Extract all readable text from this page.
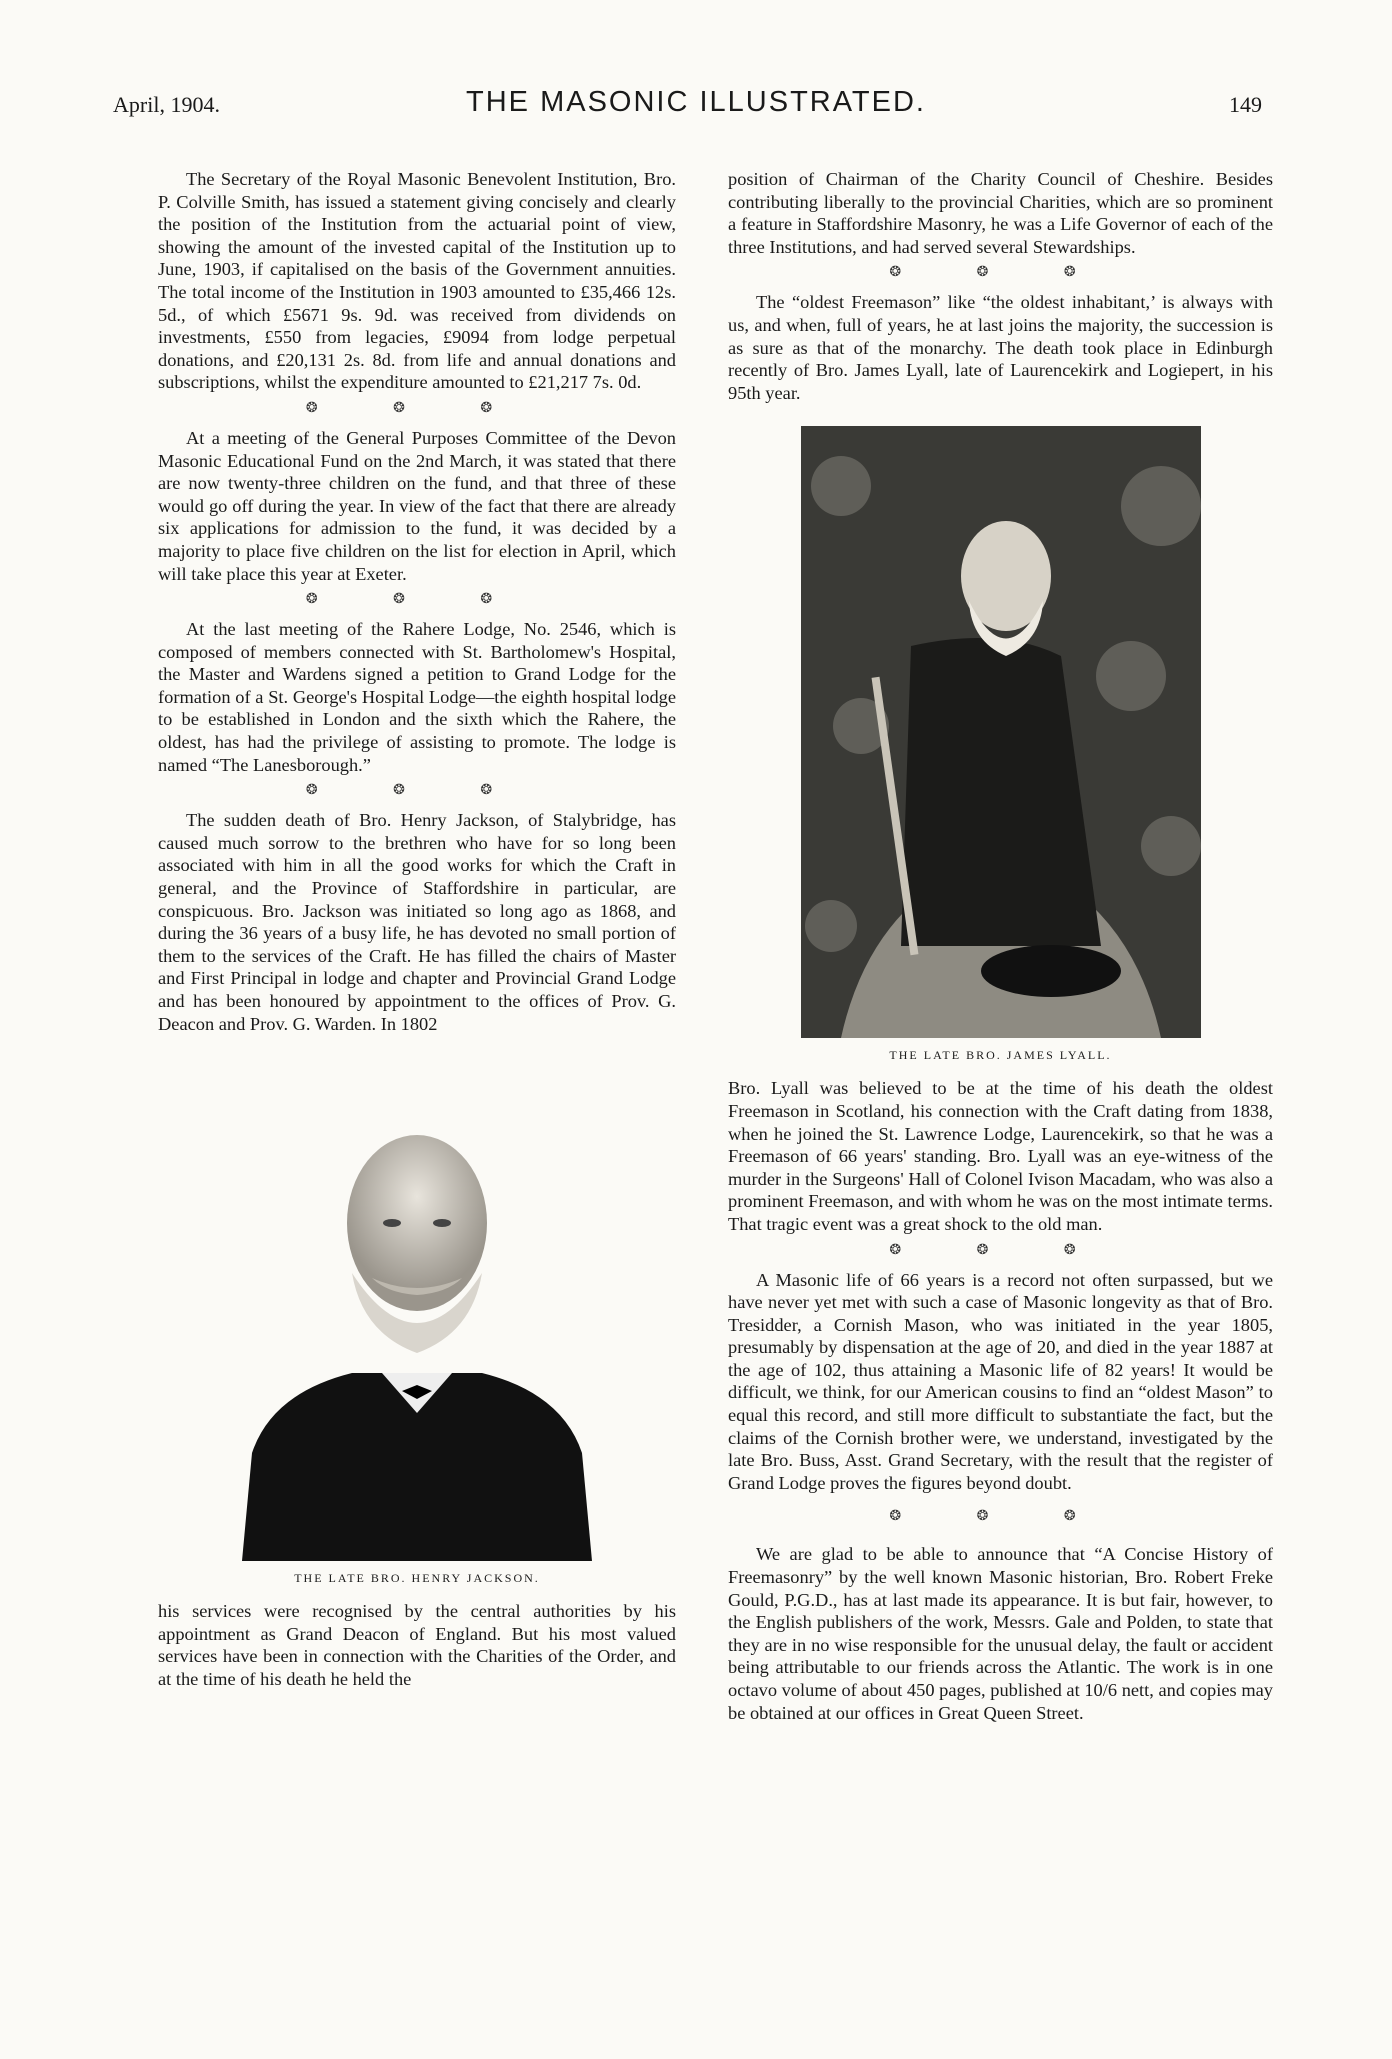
April, 1904.	THE MASONIC ILLUSTRATED.	149

The Secretary of the Royal Masonic Benevolent Institution, Bro. P. Colville Smith, has issued a statement giving concisely and clearly the position of the Institution from the actuarial point of view, showing the amount of the invested capital of the Institution up to June, 1903, if capitalised on the basis of the Government annuities. The total income of the Institution in 1903 amounted to £35,466 12s. 5d., of which £5671 9s. 9d. was received from dividends on investments, £550 from legacies, £9094 from lodge perpetual donations, and £20,131 2s. 8d. from life and annual donations and subscriptions, whilst the expenditure amounted to £21,217 7s. 0d.

❂ ❂ ❂

At a meeting of the General Purposes Committee of the Devon Masonic Educational Fund on the 2nd March, it was stated that there are now twenty-three children on the fund, and that three of these would go off during the year. In view of the fact that there are already six applications for admission to the fund, it was decided by a majority to place five children on the list for election in April, which will take place this year at Exeter.

❂ ❂ ❂

At the last meeting of the Rahere Lodge, No. 2546, which is composed of members connected with St. Bartholomew's Hospital, the Master and Wardens signed a petition to Grand Lodge for the formation of a St. George's Hospital Lodge—the eighth hospital lodge to be established in London and the sixth which the Rahere, the oldest, has had the privilege of assisting to promote. The lodge is named “The Lanesborough.”

❂ ❂ ❂

The sudden death of Bro. Henry Jackson, of Stalybridge, has caused much sorrow to the brethren who have for so long been associated with him in all the good works for which the Craft in general, and the Province of Staffordshire in particular, are conspicuous. Bro. Jackson was initiated so long ago as 1868, and during the 36 years of a busy life, he has devoted no small portion of them to the services of the Craft. He has filled the chairs of Master and First Principal in lodge and chapter and Provincial Grand Lodge and has been honoured by appointment to the offices of Prov. G. Deacon and Prov. G. Warden. In 1802

THE LATE BRO. HENRY JACKSON.

his services were recognised by the central authorities by his appointment as Grand Deacon of England. But his most valued services have been in connection with the Charities of the Order, and at the time of his death he held the

position of Chairman of the Charity Council of Cheshire. Besides contributing liberally to the provincial Charities, which are so prominent a feature in Staffordshire Masonry, he was a Life Governor of each of the three Institutions, and had served several Stewardships.

❂ ❂ ❂

The “oldest Freemason” like “the oldest inhabitant,’ is always with us, and when, full of years, he at last joins the majority, the succession is as sure as that of the monarchy. The death took place in Edinburgh recently of Bro. James Lyall, late of Laurencekirk and Logiepert, in his 95th year.

THE LATE BRO. JAMES LYALL.

Bro. Lyall was believed to be at the time of his death the oldest Freemason in Scotland, his connection with the Craft dating from 1838, when he joined the St. Lawrence Lodge, Laurencekirk, so that he was a Freemason of 66 years' standing. Bro. Lyall was an eye-witness of the murder in the Surgeons' Hall of Colonel Ivison Macadam, who was also a prominent Freemason, and with whom he was on the most intimate terms. That tragic event was a great shock to the old man.

❂ ❂ ❂

A Masonic life of 66 years is a record not often surpassed, but we have never yet met with such a case of Masonic longevity as that of Bro. Tresidder, a Cornish Mason, who was initiated in the year 1805, presumably by dispensation at the age of 20, and died in the year 1887 at the age of 102, thus attaining a Masonic life of 82 years! It would be difficult, we think, for our American cousins to find an “oldest Mason” to equal this record, and still more difficult to substantiate the fact, but the claims of the Cornish brother were, we understand, investigated by the late Bro. Buss, Asst. Grand Secretary, with the result that the register of Grand Lodge proves the figures beyond doubt.

❂ ❂ ❂

We are glad to be able to announce that “A Concise History of Freemasonry” by the well known Masonic historian, Bro. Robert Freke Gould, P.G.D., has at last made its appearance. It is but fair, however, to the English publishers of the work, Messrs. Gale and Polden, to state that they are in no wise responsible for the unusual delay, the fault or accident being attributable to our friends across the Atlantic. The work is in one octavo volume of about 450 pages, published at 10/6 nett, and copies may be obtained at our offices in Great Queen Street.
